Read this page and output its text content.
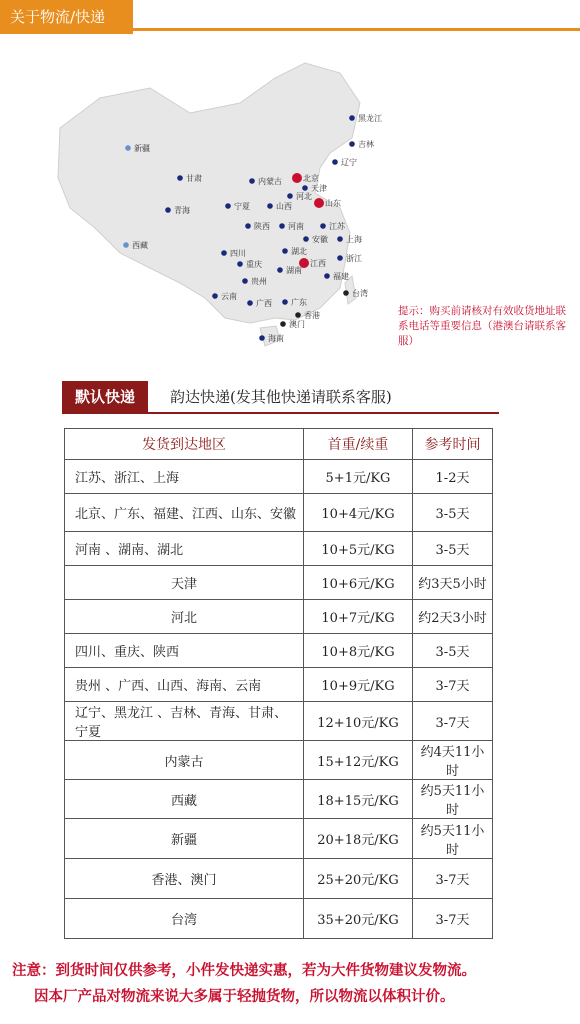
关于物流/快递
新疆
甘肃	内蒙古	北京
黑龙江
吉林
辽宁
天津
河北
宁夏	山西	山东
青海
陕西 河南	江苏
安徽 上海
西藏
四川	湖北
浙江
重庆	江西
湖南
福建
贵州
云南
广西 广东
台湾
香港
澳门
海南
提示：购买前请核对有效收货地址联系电话等重要信息（港澳台请联系客服）
默认快递	韵达快递(发其他快递请联系客服)
发货到达地区	首重/续重	参考时间
江苏、浙江、上海	5+1元/KG	1-2天
北京、广东、福建、江西、山东、安徽	10+4元/KG	3-5天
河南 、湖南、湖北	10+5元/KG	3-5天
天津	10+6元/KG	约3天5小时
河北	10+7元/KG	约2天3小时
四川、重庆、陕西	10+8元/KG	3-5天
贵州 、广西、山西、海南、云南	10+9元/KG	3-7天
辽宁、黑龙江 、吉林、青海、甘肃、宁夏	12+10元/KG	3-7天
内蒙古	15+12元/KG	约4天11小时
西藏	18+15元/KG	约5天11小时
新疆	20+18元/KG	约5天11小时
香港、澳门	25+20元/KG	3-7天
台湾	35+20元/KG	3-7天
注意：到货时间仅供参考，小件发快递实惠，若为大件货物建议发物流。
因本厂产品对物流来说大多属于轻抛货物，所以物流以体积计价。
